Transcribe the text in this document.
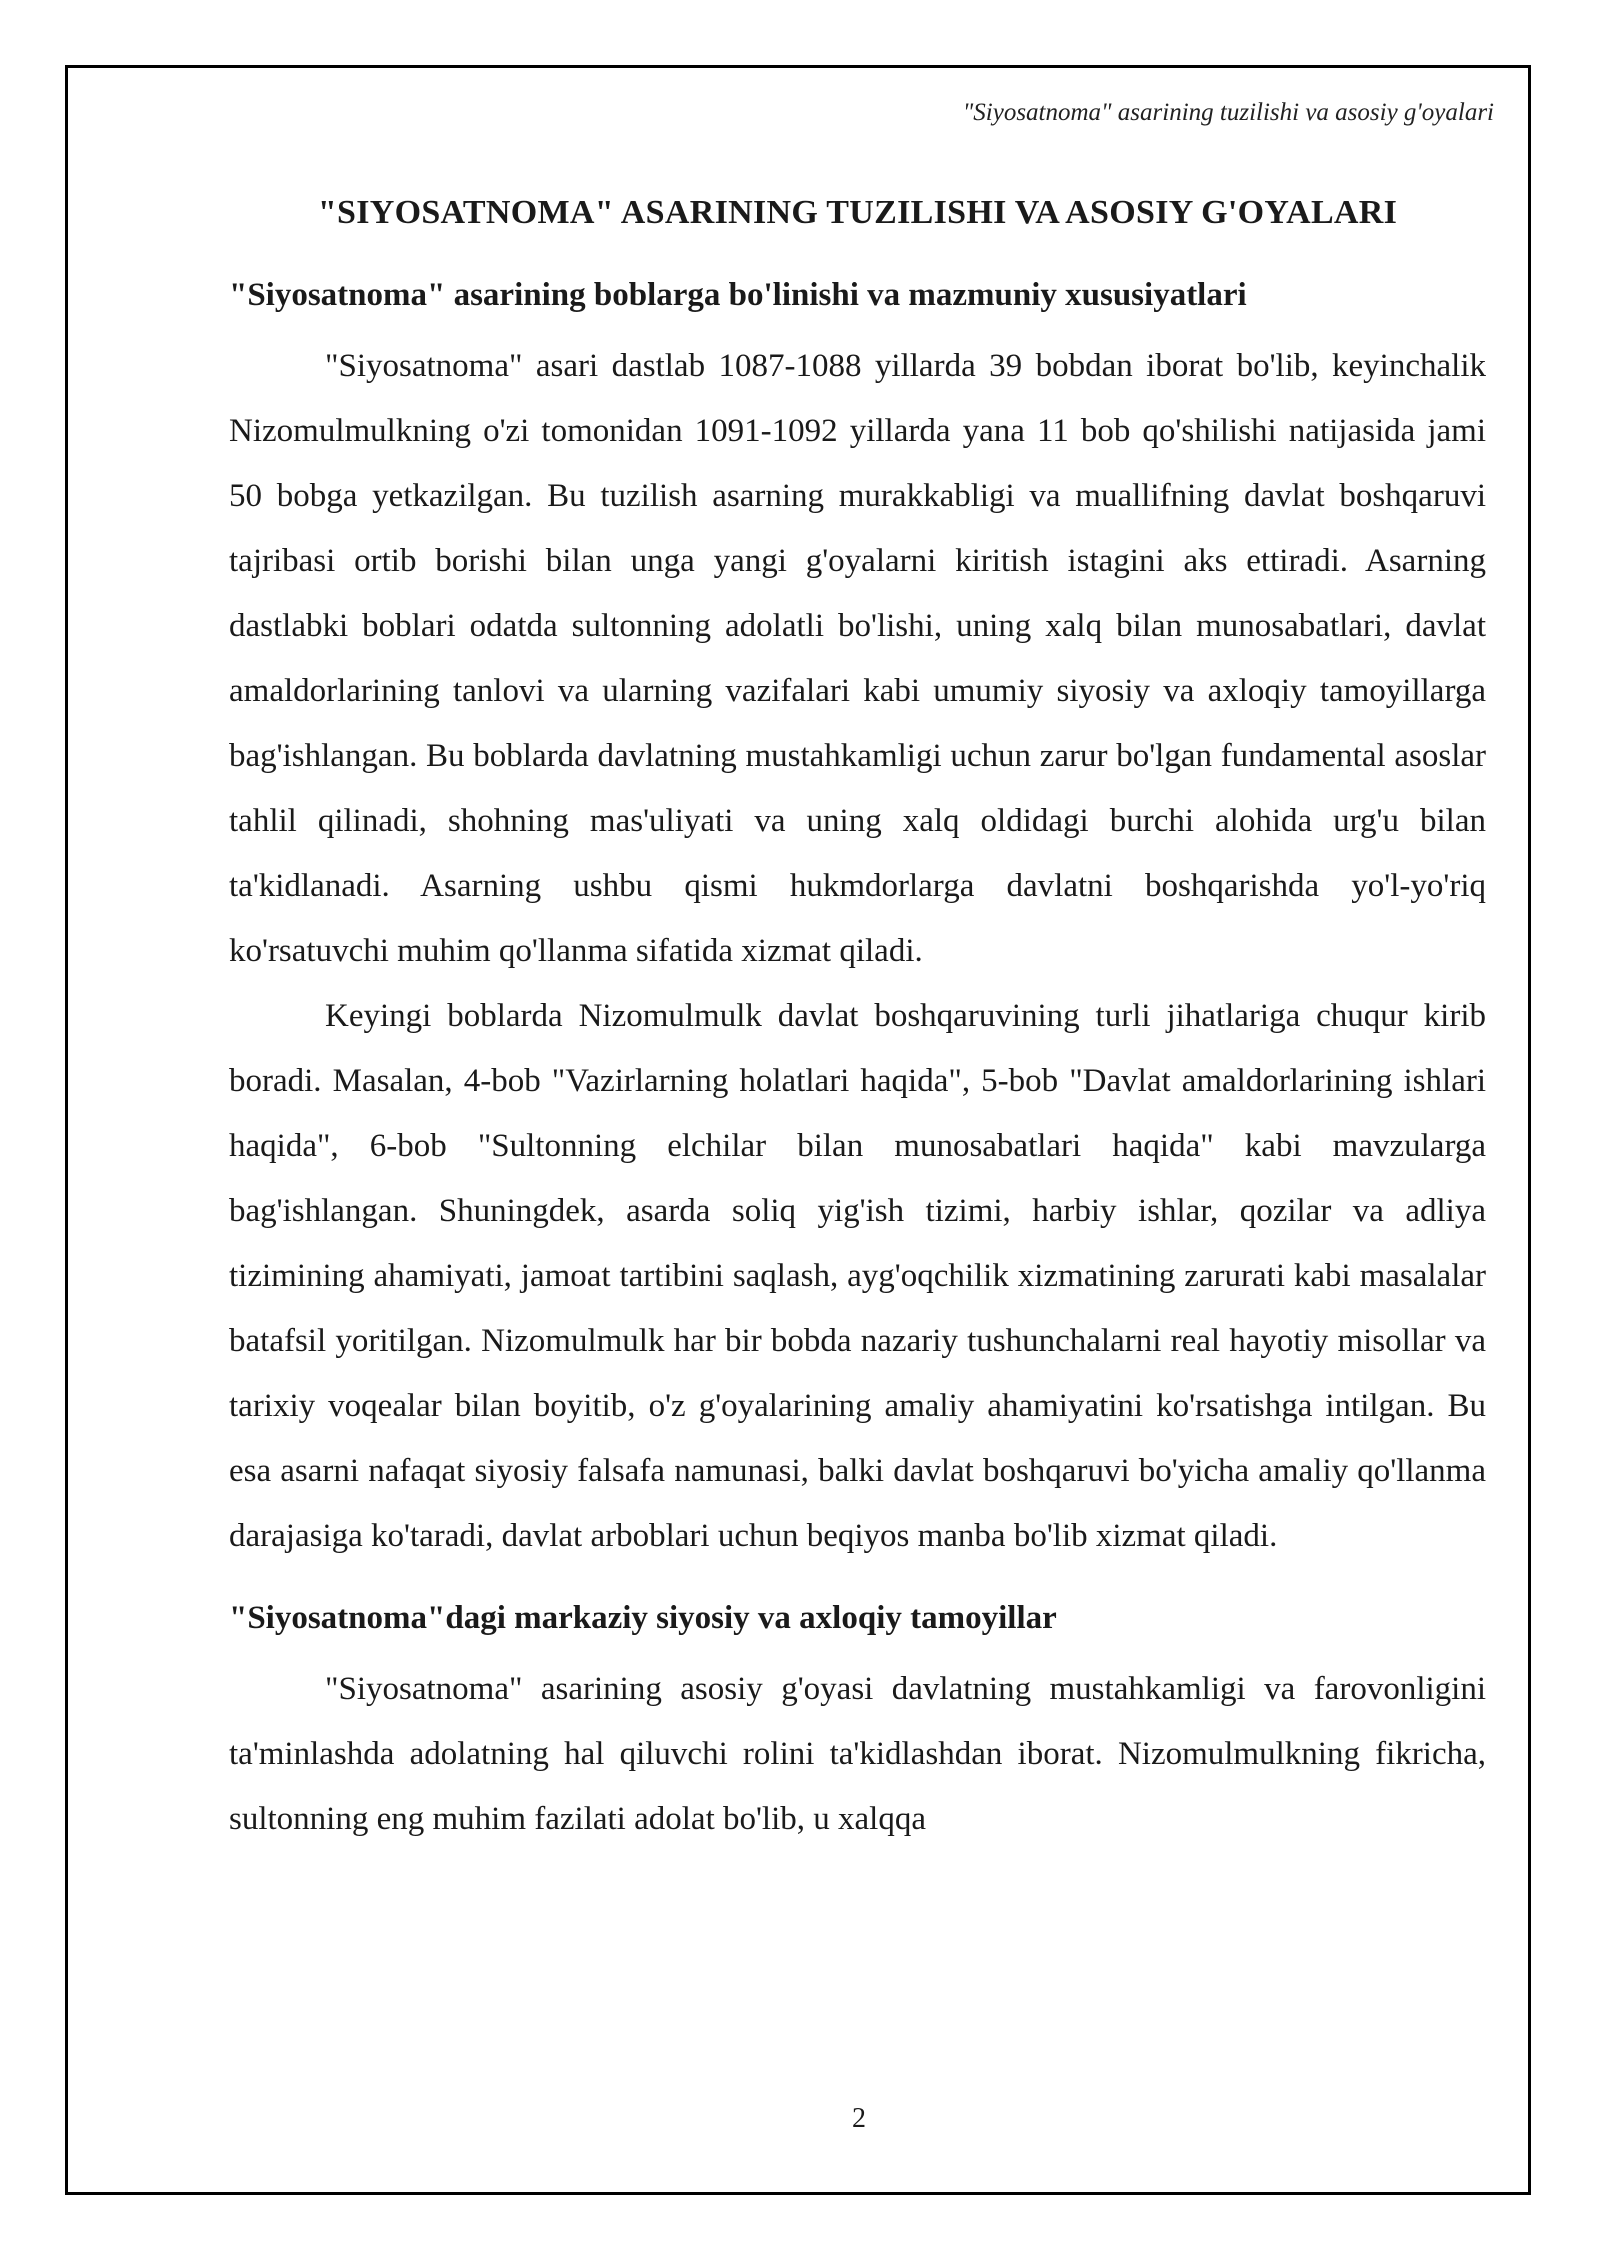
"Siyosatnoma" asarining tuzilishi va asosiy g'oyalari
"SIYOSATNOMA" ASARINING TUZILISHI VA ASOSIY G'OYALARI
"Siyosatnoma" asarining boblarga bo'linishi va mazmuniy xususiyatlari

"Siyosatnoma" asari dastlab 1087-1088 yillarda 39 bobdan iborat bo'lib, keyinchalik Nizomulmulkning o'zi tomonidan 1091-1092 yillarda yana 11 bob qo'shilishi natijasida jami 50 bobga yetkazilgan. Bu tuzilish asarning murakkabligi va muallifning davlat boshqaruvi tajribasi ortib borishi bilan unga yangi g'oyalarni kiritish istagini aks ettiradi. Asarning dastlabki boblari odatda sultonning adolatli bo'lishi, uning xalq bilan munosabatlari, davlat amaldorlarining tanlovi va ularning vazifalari kabi umumiy siyosiy va axloqiy tamoyillarga bag'ishlangan. Bu boblarda davlatning mustahkamligi uchun zarur bo'lgan fundamental asoslar tahlil qilinadi, shohning mas'uliyati va uning xalq oldidagi burchi alohida urg'u bilan ta'kidlanadi. Asarning ushbu qismi hukmdorlarga davlatni boshqarishda yo'l-yo'riq ko'rsatuvchi muhim qo'llanma sifatida xizmat qiladi.

Keyingi boblarda Nizomulmulk davlat boshqaruvining turli jihatlariga chuqur kirib boradi. Masalan, 4-bob "Vazirlarning holatlari haqida", 5-bob "Davlat amaldorlarining ishlari haqida", 6-bob "Sultonning elchilar bilan munosabatlari haqida" kabi mavzularga bag'ishlangan. Shuningdek, asarda soliq yig'ish tizimi, harbiy ishlar, qozilar va adliya tizimining ahamiyati, jamoat tartibini saqlash, ayg'oqchilik xizmatining zarurati kabi masalalar batafsil yoritilgan. Nizomulmulk har bir bobda nazariy tushunchalarni real hayotiy misollar va tarixiy voqealar bilan boyitib, o'z g'oyalarining amaliy ahamiyatini ko'rsatishga intilgan. Bu esa asarni nafaqat siyosiy falsafa namunasi, balki davlat boshqaruvi bo'yicha amaliy qo'llanma darajasiga ko'taradi, davlat arboblari uchun beqiyos manba bo'lib xizmat qiladi.

"Siyosatnoma"dagi markaziy siyosiy va axloqiy tamoyillar

"Siyosatnoma" asarining asosiy g'oyasi davlatning mustahkamligi va farovonligini ta'minlashda adolatning hal qiluvchi rolini ta'kidlashdan iborat. Nizomulmulkning fikricha, sultonning eng muhim fazilati adolat bo'lib, u xalqqa

2
